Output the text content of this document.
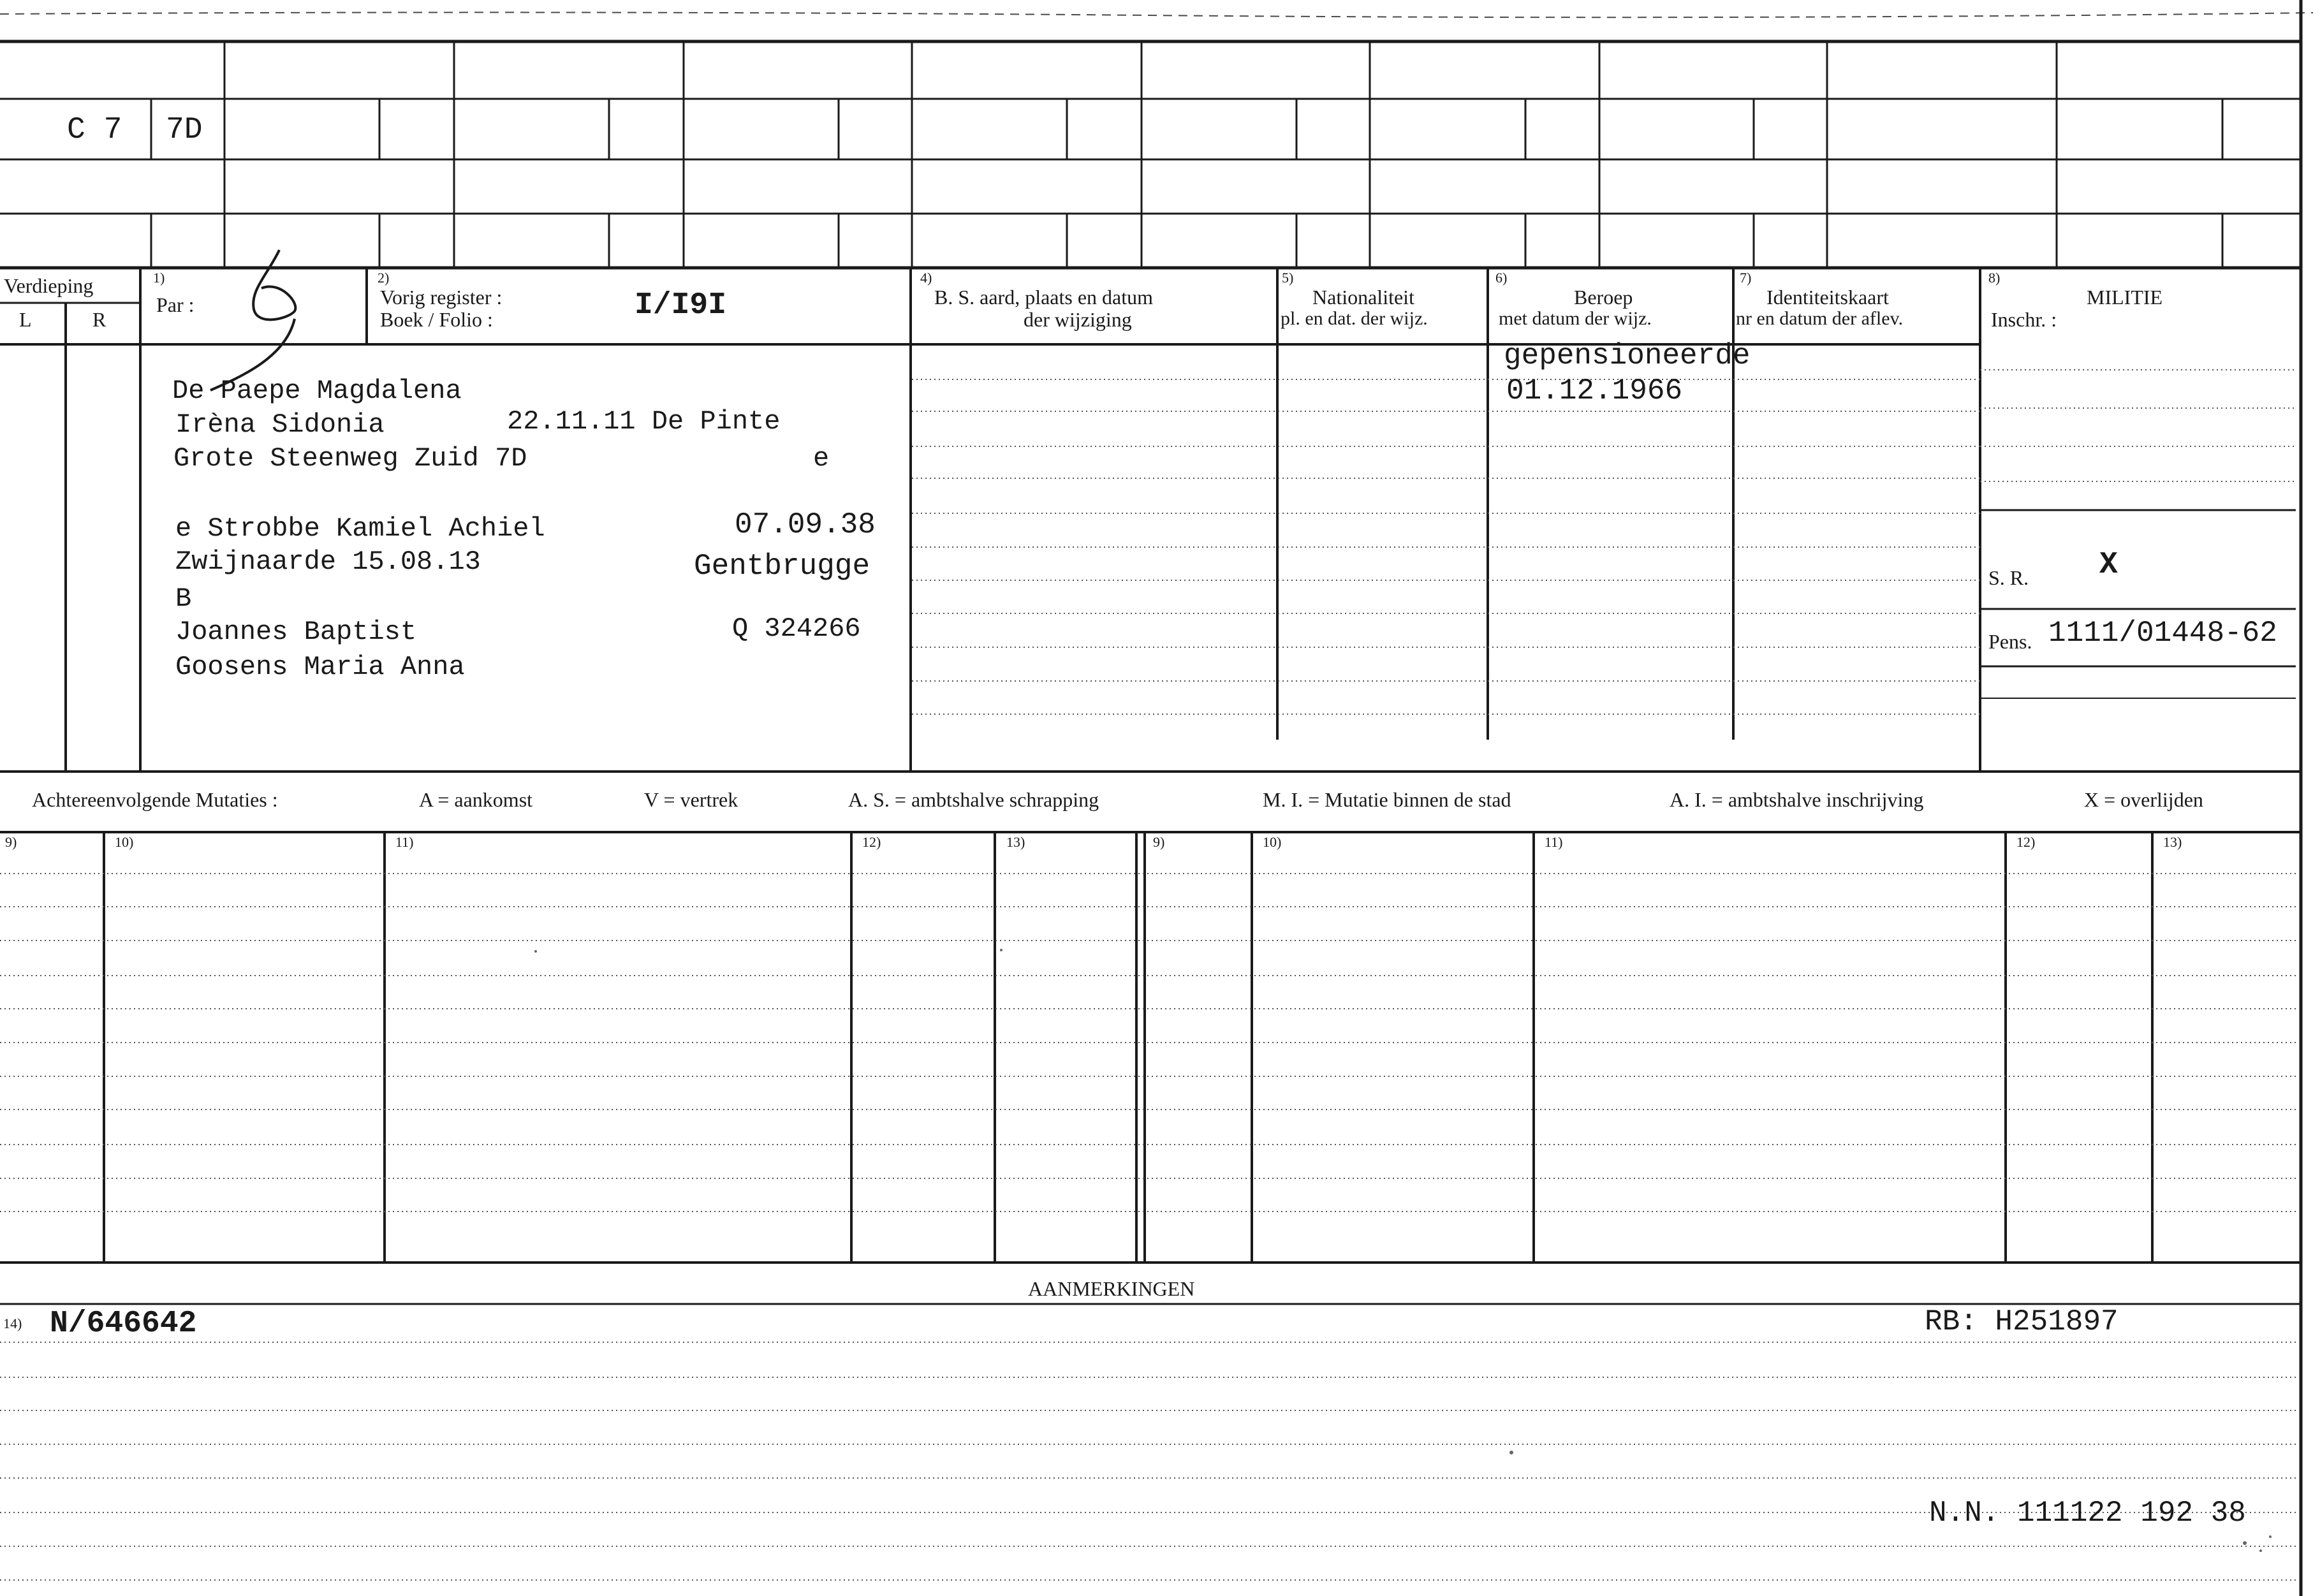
C 7 7D
Verdieping
L	R
1)
Par :
2)
Vorig register :
Boek / Folio :	I/I9I
4)
B. S. aard, plaats en datum
der wijziging
5)
Nationaliteit
pl. en dat. der wijz.
6)
Beroep
met datum der wijz.
7)
Identiteitskaart
nr en datum der aflev.
8)
MILITIE
Inschr. :
De Paepe Magdalena
Irèna Sidonia	22.11.11 De Pinte
Grote Steenweg Zuid 7D	e
e Strobbe Kamiel Achiel	07.09.38
Zwijnaarde 15.08.13	Gentbrugge
B
Joannes Baptist	Q 324266
Goosens Maria Anna
gepensioneerde
01.12.1966
S. R. X
Pens. 1111/01448-62
Achtereenvolgende Mutaties :	A = aankomst	V = vertrek	A. S. = ambtshalve schrapping	M. I. = Mutatie binnen de stad	A. I. = ambtshalve inschrijving	X = overlijden
9)	10)	11)	12)	13)	9)	10)	11)	12)	13)
AANMERKINGEN
14) N/646642	RB: H251897
N.N. 111122 192 38
